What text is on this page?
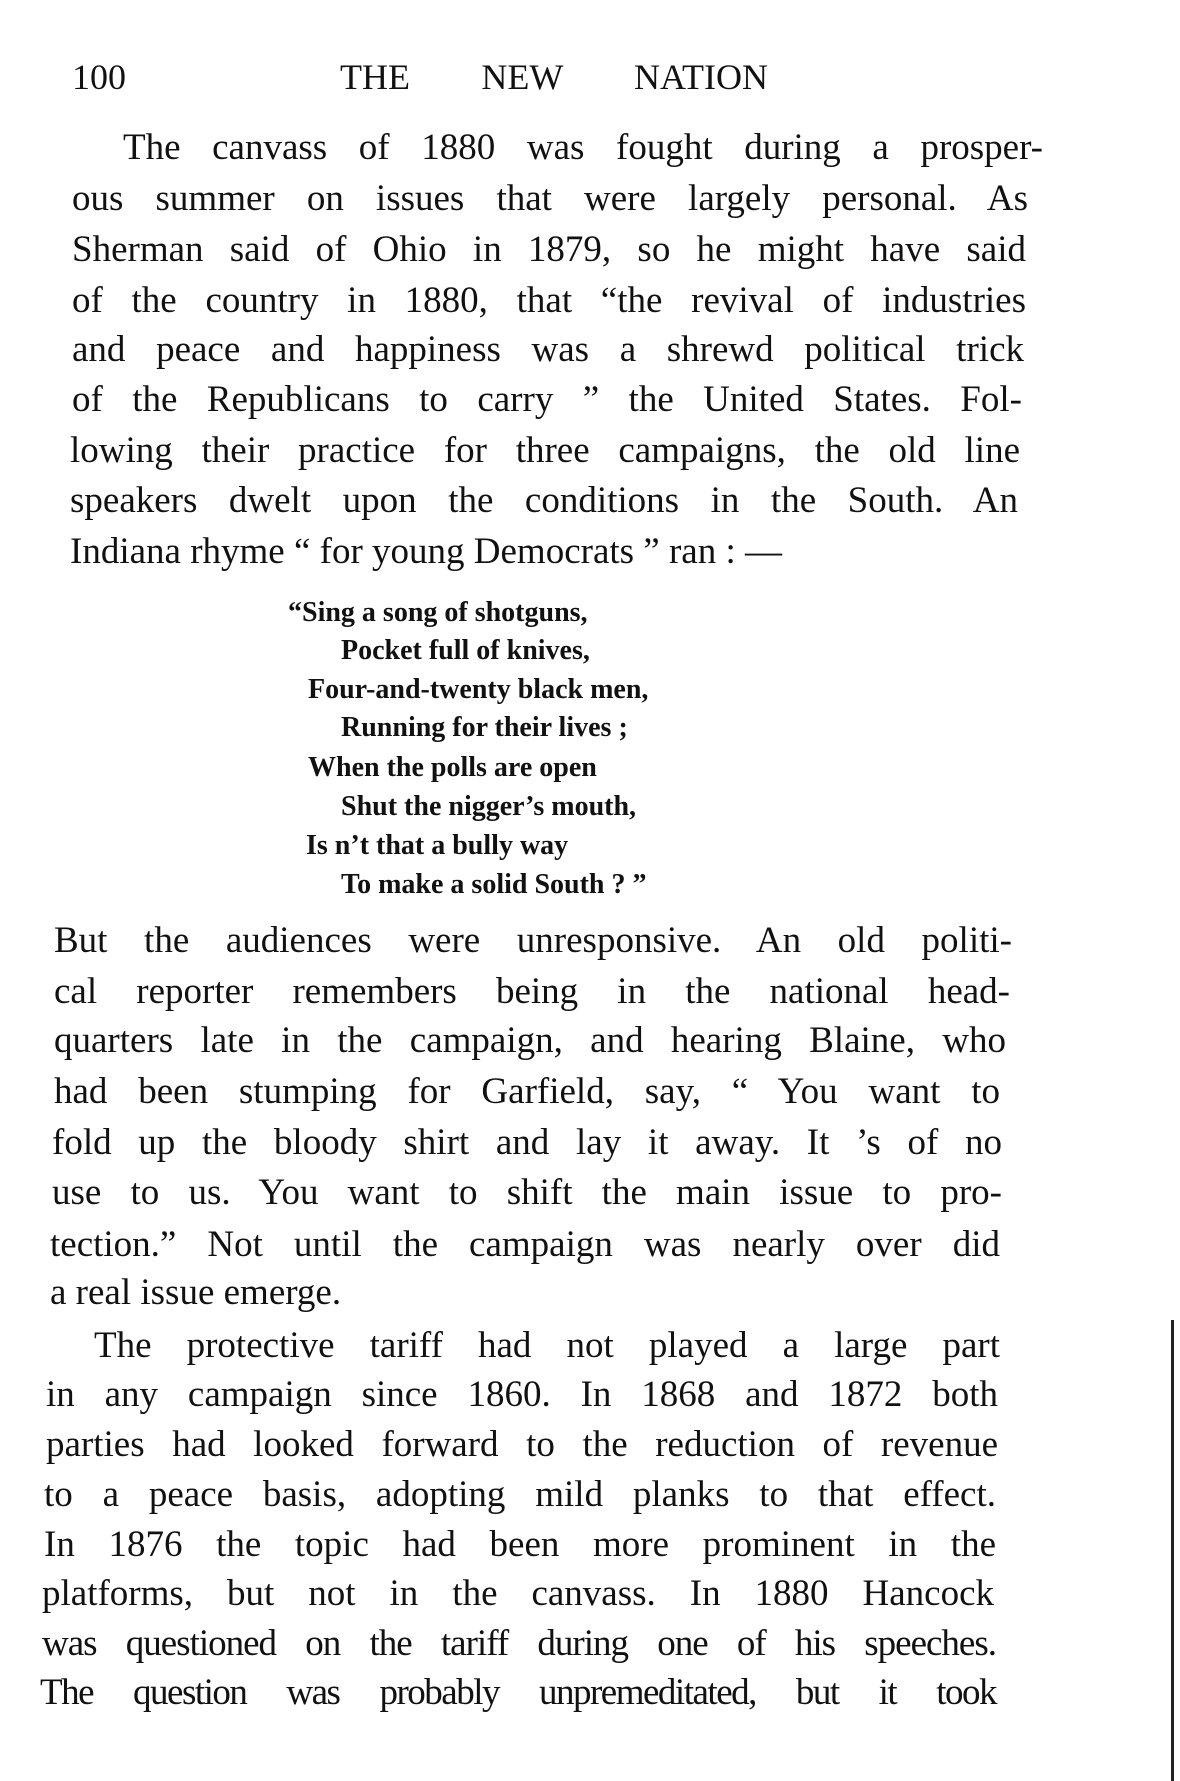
100	THE NEW NATION
The canvass of 1880 was fought during a prosper-
ous summer on issues that were largely personal. As
Sherman said of Ohio in 1879, so he might have said
of the country in 1880, that “the revival of industries
and peace and happiness was a shrewd political trick
of the Republicans to carry ” the United States. Fol-
lowing their practice for three campaigns, the old line
speakers dwelt upon the conditions in the South. An
Indiana rhyme “ for young Democrats ” ran : —
“Sing a song of shotguns,
Pocket full of knives,
Four-and-twenty black men,
Running for their lives ;
When the polls are open
Shut the nigger’s mouth,
Is n’t that a bully way
To make a solid South ? ”
But the audiences were unresponsive. An old politi-
cal reporter remembers being in the national head-
quarters late in the campaign, and hearing Blaine, who
had been stumping for Garfield, say, “ You want to
fold up the bloody shirt and lay it away. It ’s of no
use to us. You want to shift the main issue to pro-
tection.” Not until the campaign was nearly over did
a real issue emerge.
The protective tariff had not played a large part
in any campaign since 1860. In 1868 and 1872 both
parties had looked forward to the reduction of revenue
to a peace basis, adopting mild planks to that effect.
In 1876 the topic had been more prominent in the
platforms, but not in the canvass. In 1880 Hancock
was questioned on the tariff during one of his speeches.
The question was probably unpremeditated, but it took
